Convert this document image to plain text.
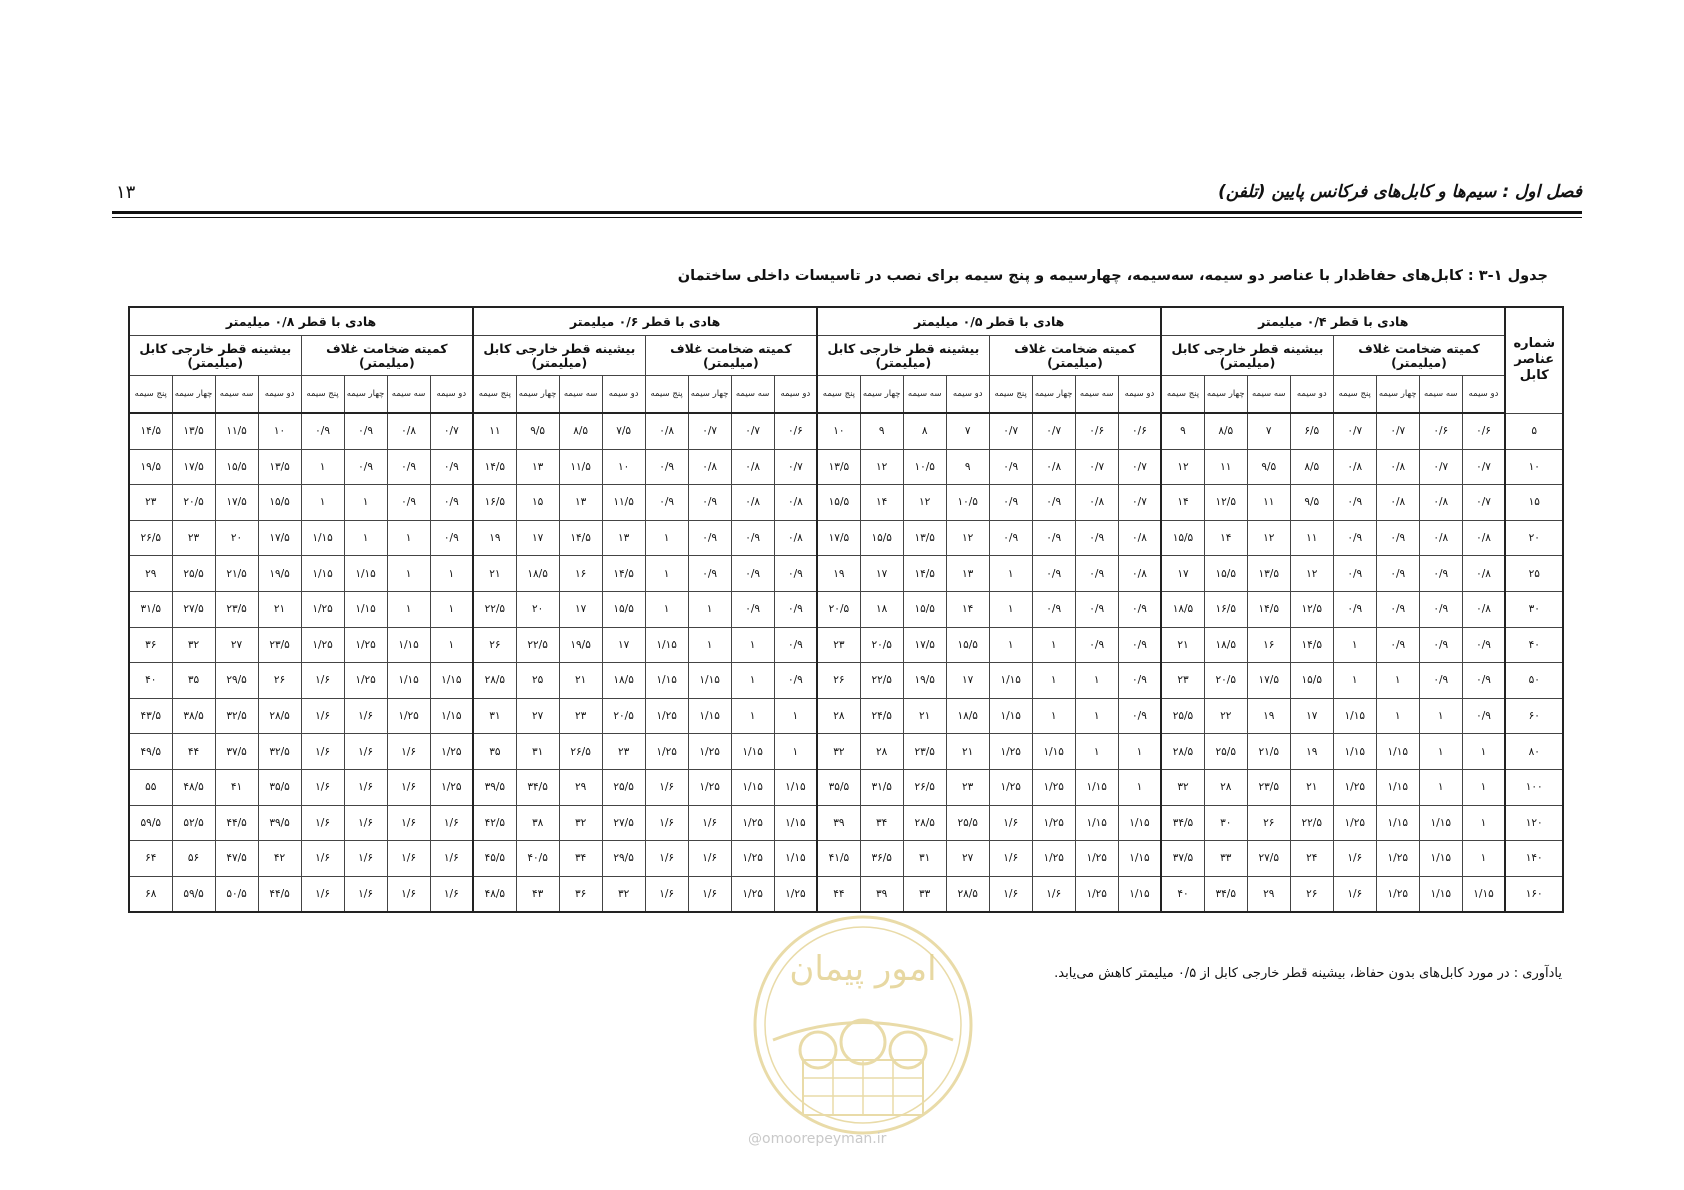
فصل اول : سیم‌ها و کابل‌های فرکانس پایین (تلفن)
۱۳
جدول ۱-۳ : کابل‌های حفاظدار با عناصر دو سیمه، سه‌سیمه، چهارسیمه و پنج سیمه برای نصب در تاسیسات داخلی ساختمان
شماره عناصر کابل	هادی با قطر ۰/۴ میلیمتر								هادی با قطر ۰/۵ میلیمتر								هادی با قطر ۰/۶ میلیمتر								هادی با قطر ۰/۸ میلیمتر							
	کمیته ضخامت غلاف (میلیمتر)				بیشینه قطر خارجی کابل (میلیمتر)				کمیته ضخامت غلاف (میلیمتر)				بیشینه قطر خارجی کابل (میلیمتر)				کمیته ضخامت غلاف (میلیمتر)				بیشینه قطر خارجی کابل (میلیمتر)				کمیته ضخامت غلاف (میلیمتر)				بیشینه قطر خارجی کابل (میلیمتر)			
	دو سیمه	سه سیمه	چهار سیمه	پنج سیمه	دو سیمه	سه سیمه	چهار سیمه	پنج سیمه	دو سیمه	سه سیمه	چهار سیمه	پنج سیمه	دو سیمه	سه سیمه	چهار سیمه	پنج سیمه	دو سیمه	سه سیمه	چهار سیمه	پنج سیمه	دو سیمه	سه سیمه	چهار سیمه	پنج سیمه	دو سیمه	سه سیمه	چهار سیمه	پنج سیمه	دو سیمه	سه سیمه	چهار سیمه	پنج سیمه
۵	۰/۶	۰/۶	۰/۷	۰/۷	۶/۵	۷	۸/۵	۹	۰/۶	۰/۶	۰/۷	۰/۷	۷	۸	۹	۱۰	۰/۶	۰/۷	۰/۷	۰/۸	۷/۵	۸/۵	۹/۵	۱۱	۰/۷	۰/۸	۰/۹	۰/۹	۱۰	۱۱/۵	۱۳/۵	۱۴/۵
۱۰	۰/۷	۰/۷	۰/۸	۰/۸	۸/۵	۹/۵	۱۱	۱۲	۰/۷	۰/۷	۰/۸	۰/۹	۹	۱۰/۵	۱۲	۱۳/۵	۰/۷	۰/۸	۰/۸	۰/۹	۱۰	۱۱/۵	۱۳	۱۴/۵	۰/۹	۰/۹	۰/۹	۱	۱۳/۵	۱۵/۵	۱۷/۵	۱۹/۵
۱۵	۰/۷	۰/۸	۰/۸	۰/۹	۹/۵	۱۱	۱۲/۵	۱۴	۰/۷	۰/۸	۰/۹	۰/۹	۱۰/۵	۱۲	۱۴	۱۵/۵	۰/۸	۰/۸	۰/۹	۰/۹	۱۱/۵	۱۳	۱۵	۱۶/۵	۰/۹	۰/۹	۱	۱	۱۵/۵	۱۷/۵	۲۰/۵	۲۳
۲۰	۰/۸	۰/۸	۰/۹	۰/۹	۱۱	۱۲	۱۴	۱۵/۵	۰/۸	۰/۹	۰/۹	۰/۹	۱۲	۱۳/۵	۱۵/۵	۱۷/۵	۰/۸	۰/۹	۰/۹	۱	۱۳	۱۴/۵	۱۷	۱۹	۰/۹	۱	۱	۱/۱۵	۱۷/۵	۲۰	۲۳	۲۶/۵
۲۵	۰/۸	۰/۹	۰/۹	۰/۹	۱۲	۱۳/۵	۱۵/۵	۱۷	۰/۸	۰/۹	۰/۹	۱	۱۳	۱۴/۵	۱۷	۱۹	۰/۹	۰/۹	۰/۹	۱	۱۴/۵	۱۶	۱۸/۵	۲۱	۱	۱	۱/۱۵	۱/۱۵	۱۹/۵	۲۱/۵	۲۵/۵	۲۹
۳۰	۰/۸	۰/۹	۰/۹	۰/۹	۱۲/۵	۱۴/۵	۱۶/۵	۱۸/۵	۰/۹	۰/۹	۰/۹	۱	۱۴	۱۵/۵	۱۸	۲۰/۵	۰/۹	۰/۹	۱	۱	۱۵/۵	۱۷	۲۰	۲۲/۵	۱	۱	۱/۱۵	۱/۲۵	۲۱	۲۳/۵	۲۷/۵	۳۱/۵
۴۰	۰/۹	۰/۹	۰/۹	۱	۱۴/۵	۱۶	۱۸/۵	۲۱	۰/۹	۰/۹	۱	۱	۱۵/۵	۱۷/۵	۲۰/۵	۲۳	۰/۹	۱	۱	۱/۱۵	۱۷	۱۹/۵	۲۲/۵	۲۶	۱	۱/۱۵	۱/۲۵	۱/۲۵	۲۳/۵	۲۷	۳۲	۳۶
۵۰	۰/۹	۰/۹	۱	۱	۱۵/۵	۱۷/۵	۲۰/۵	۲۳	۰/۹	۱	۱	۱/۱۵	۱۷	۱۹/۵	۲۲/۵	۲۶	۰/۹	۱	۱/۱۵	۱/۱۵	۱۸/۵	۲۱	۲۵	۲۸/۵	۱/۱۵	۱/۱۵	۱/۲۵	۱/۶	۲۶	۲۹/۵	۳۵	۴۰
۶۰	۰/۹	۱	۱	۱/۱۵	۱۷	۱۹	۲۲	۲۵/۵	۰/۹	۱	۱	۱/۱۵	۱۸/۵	۲۱	۲۴/۵	۲۸	۱	۱	۱/۱۵	۱/۲۵	۲۰/۵	۲۳	۲۷	۳۱	۱/۱۵	۱/۲۵	۱/۶	۱/۶	۲۸/۵	۳۲/۵	۳۸/۵	۴۳/۵
۸۰	۱	۱	۱/۱۵	۱/۱۵	۱۹	۲۱/۵	۲۵/۵	۲۸/۵	۱	۱	۱/۱۵	۱/۲۵	۲۱	۲۳/۵	۲۸	۳۲	۱	۱/۱۵	۱/۲۵	۱/۲۵	۲۳	۲۶/۵	۳۱	۳۵	۱/۲۵	۱/۶	۱/۶	۱/۶	۳۲/۵	۳۷/۵	۴۴	۴۹/۵
۱۰۰	۱	۱	۱/۱۵	۱/۲۵	۲۱	۲۳/۵	۲۸	۳۲	۱	۱/۱۵	۱/۲۵	۱/۲۵	۲۳	۲۶/۵	۳۱/۵	۳۵/۵	۱/۱۵	۱/۱۵	۱/۲۵	۱/۶	۲۵/۵	۲۹	۳۴/۵	۳۹/۵	۱/۲۵	۱/۶	۱/۶	۱/۶	۳۵/۵	۴۱	۴۸/۵	۵۵
۱۲۰	۱	۱/۱۵	۱/۱۵	۱/۲۵	۲۲/۵	۲۶	۳۰	۳۴/۵	۱/۱۵	۱/۱۵	۱/۲۵	۱/۶	۲۵/۵	۲۸/۵	۳۴	۳۹	۱/۱۵	۱/۲۵	۱/۶	۱/۶	۲۷/۵	۳۲	۳۸	۴۲/۵	۱/۶	۱/۶	۱/۶	۱/۶	۳۹/۵	۴۴/۵	۵۲/۵	۵۹/۵
۱۴۰	۱	۱/۱۵	۱/۲۵	۱/۶	۲۴	۲۷/۵	۳۳	۳۷/۵	۱/۱۵	۱/۲۵	۱/۲۵	۱/۶	۲۷	۳۱	۳۶/۵	۴۱/۵	۱/۱۵	۱/۲۵	۱/۶	۱/۶	۲۹/۵	۳۴	۴۰/۵	۴۵/۵	۱/۶	۱/۶	۱/۶	۱/۶	۴۲	۴۷/۵	۵۶	۶۴
۱۶۰	۱/۱۵	۱/۱۵	۱/۲۵	۱/۶	۲۶	۲۹	۳۴/۵	۴۰	۱/۱۵	۱/۲۵	۱/۶	۱/۶	۲۸/۵	۳۳	۳۹	۴۴	۱/۲۵	۱/۲۵	۱/۶	۱/۶	۳۲	۳۶	۴۳	۴۸/۵	۱/۶	۱/۶	۱/۶	۱/۶	۴۴/۵	۵۰/۵	۵۹/۵	۶۸
یادآوری : در مورد کابل‌های بدون حفاظ، بیشینه قطر خارجی کابل از ۰/۵ میلیمتر کاهش می‌یابد.
امور پیمان
@omoorepeyman.ir
